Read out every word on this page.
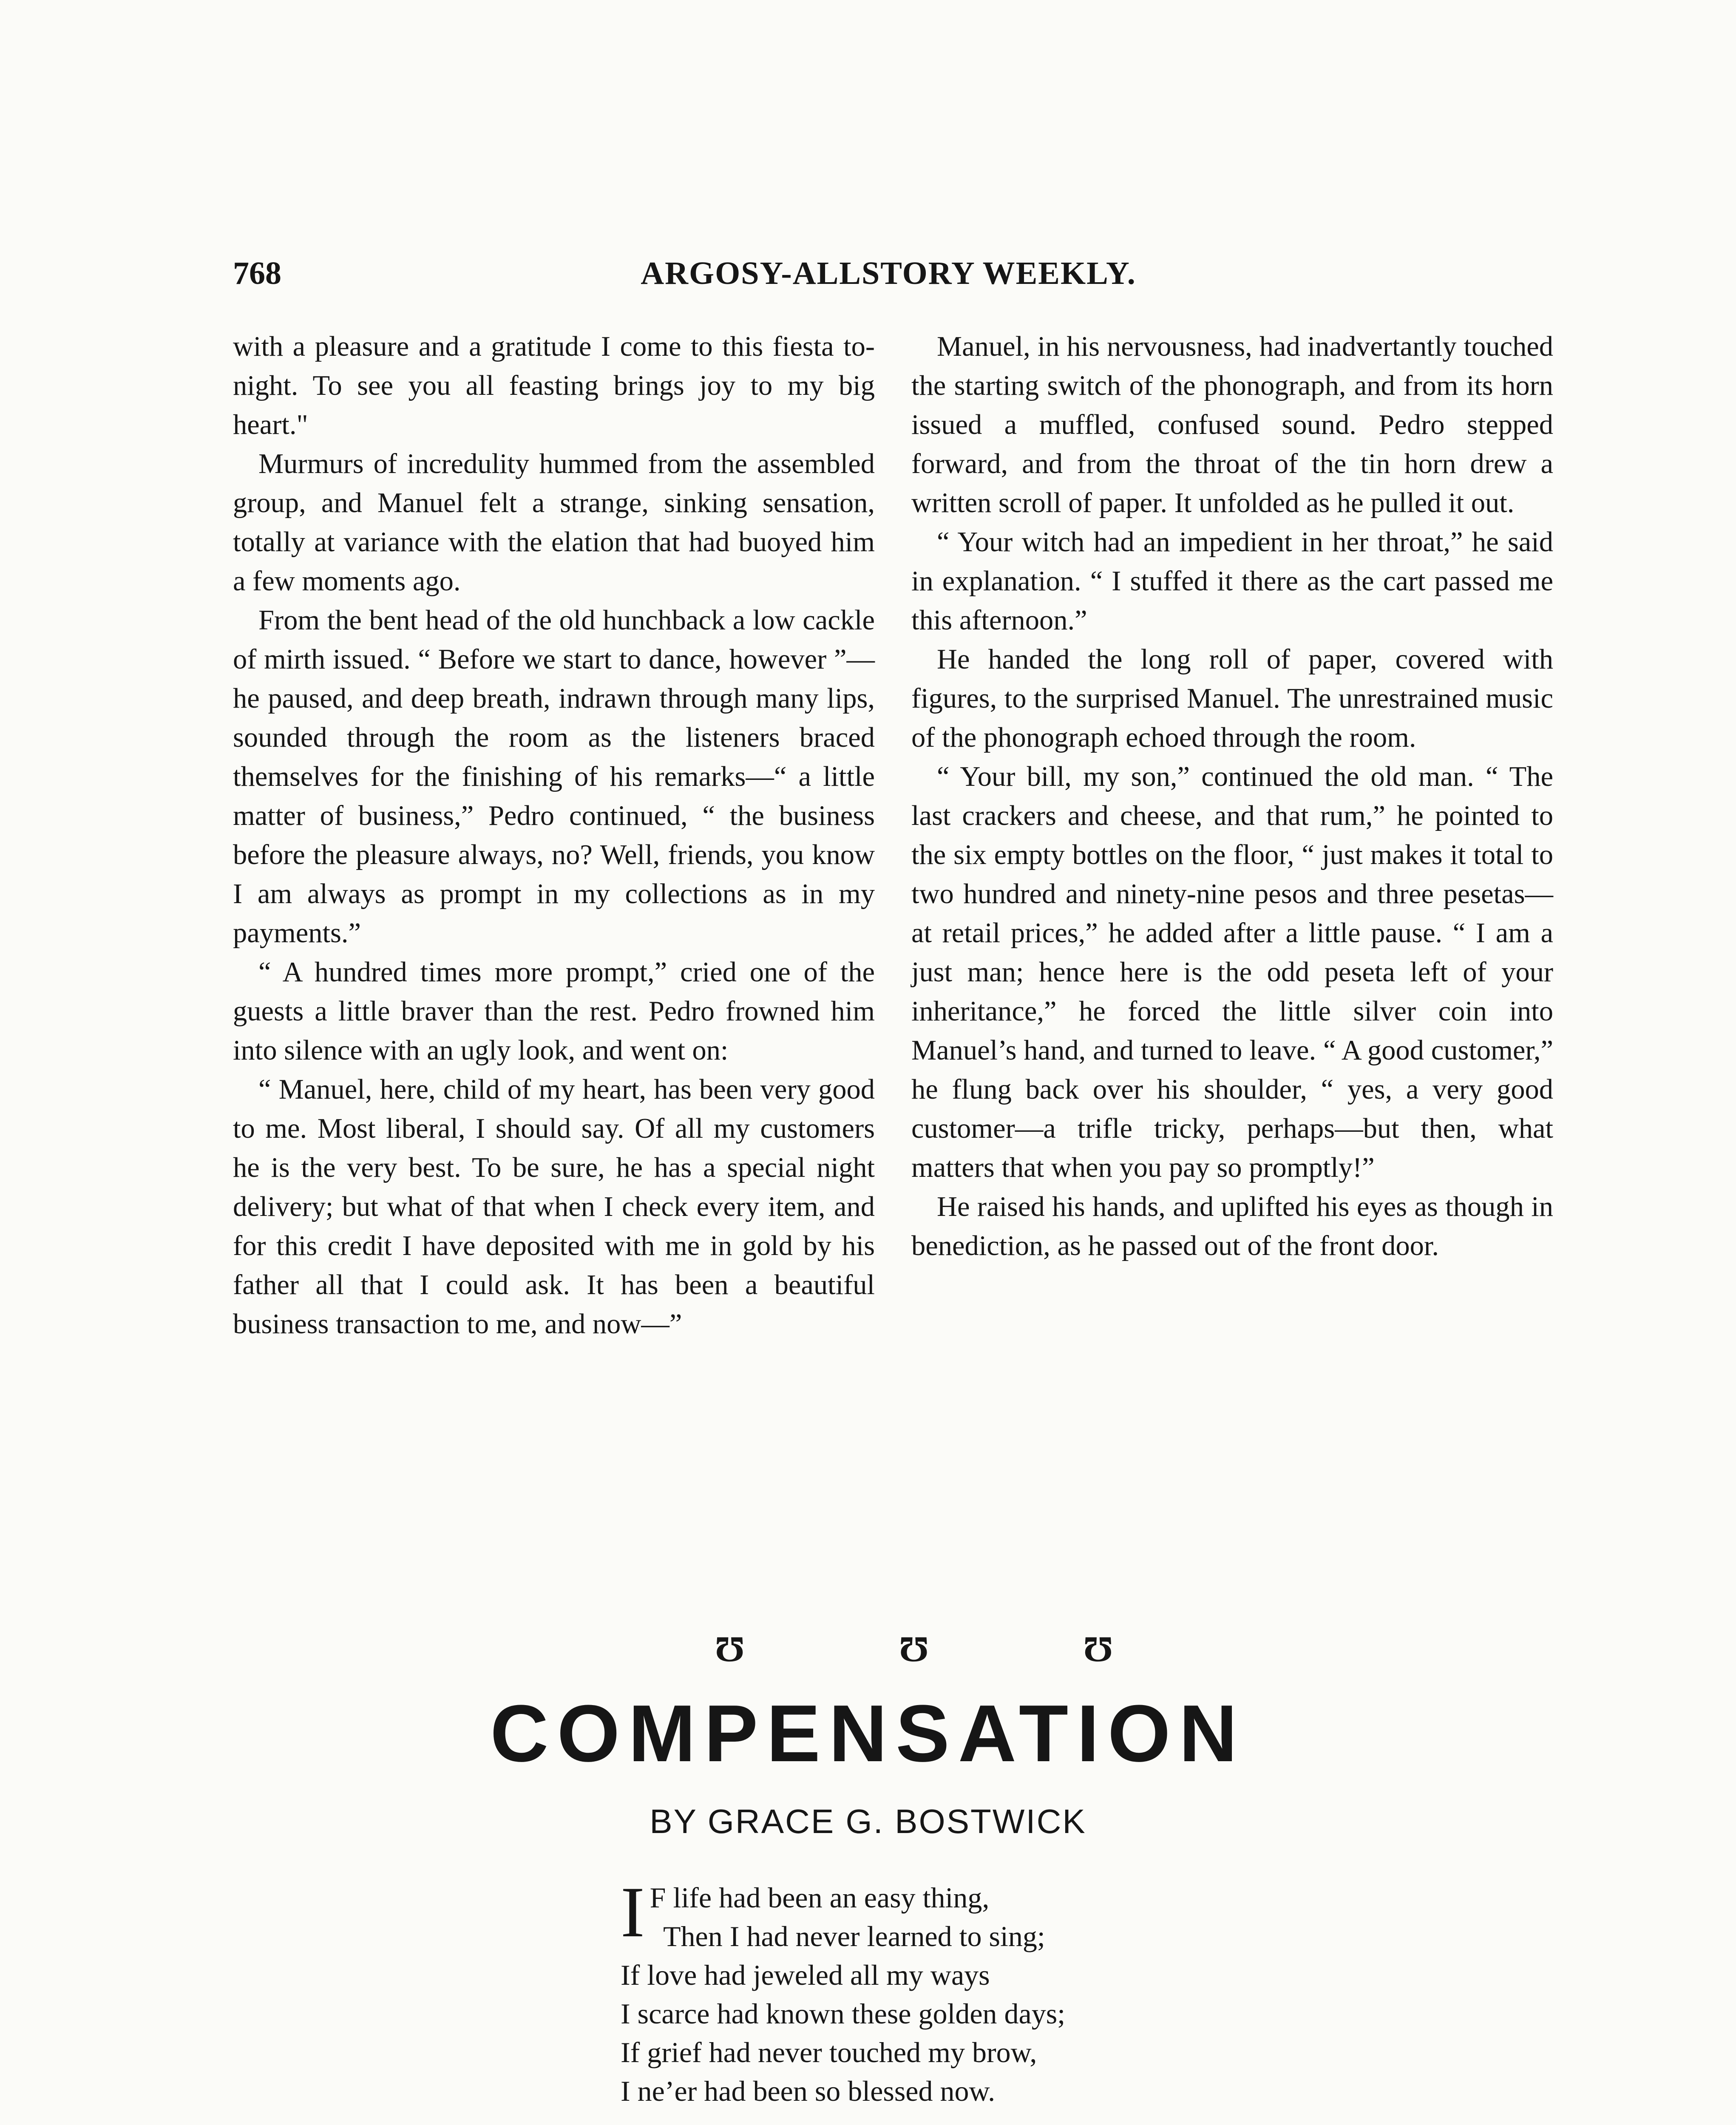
768	ARGOSY-ALLSTORY WEEKLY.

with a pleasure and a gratitude I come to this fiesta to-night. To see you all feasting brings joy to my big heart."

Murmurs of incredulity hummed from the assembled group, and Manuel felt a strange, sinking sensation, totally at variance with the elation that had buoyed him a few moments ago.

From the bent head of the old hunchback a low cackle of mirth issued. “ Before we start to dance, however ”—he paused, and deep breath, indrawn through many lips, sounded through the room as the listeners braced themselves for the finishing of his remarks—“ a little matter of business,” Pedro continued, “ the business before the pleasure always, no? Well, friends, you know I am always as prompt in my collections as in my payments.”

“ A hundred times more prompt,” cried one of the guests a little braver than the rest. Pedro frowned him into silence with an ugly look, and went on:

“ Manuel, here, child of my heart, has been very good to me. Most liberal, I should say. Of all my customers he is the very best. To be sure, he has a special night delivery; but what of that when I check every item, and for this credit I have deposited with me in gold by his father all that I could ask. It has been a beautiful business transaction to me, and now—”

Manuel, in his nervousness, had inadvertantly touched the starting switch of the phonograph, and from its horn issued a muffled, confused sound. Pedro stepped forward, and from the throat of the tin horn drew a written scroll of paper. It unfolded as he pulled it out.

“ Your witch had an impedient in her throat,” he said in explanation. “ I stuffed it there as the cart passed me this afternoon.”

He handed the long roll of paper, covered with figures, to the surprised Manuel. The unrestrained music of the phonograph echoed through the room.

“ Your bill, my son,” continued the old man. “ The last crackers and cheese, and that rum,” he pointed to the six empty bottles on the floor, “ just makes it total to two hundred and ninety-nine pesos and three pesetas—at retail prices,” he added after a little pause. “ I am a just man; hence here is the odd peseta left of your inheritance,” he forced the little silver coin into Manuel’s hand, and turned to leave. “ A good customer,” he flung back over his shoulder, “ yes, a very good customer—a trifle tricky, perhaps—but then, what matters that when you pay so promptly!”

He raised his hands, and uplifted his eyes as though in benediction, as he passed out of the front door.

Ʊ	Ʊ	Ʊ
COMPENSATION
BY GRACE G. BOSTWICK
I F life had been an easy thing,
Then I had never learned to sing;
If love had jeweled all my ways
I scarce had known these golden days;
If grief had never touched my brow,
I ne’er had been so blessed now.
